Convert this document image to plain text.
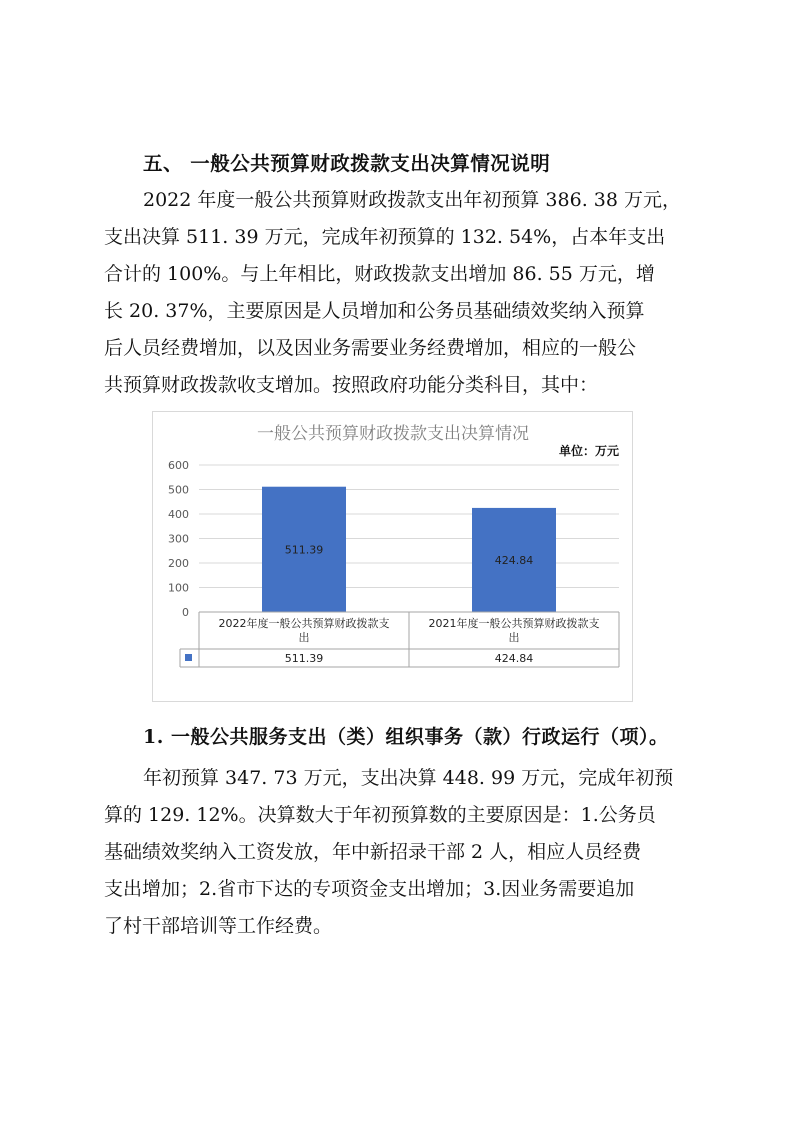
五、 一般公共预算财政拨款支出决算情况说明
2022 年度一般公共预算财政拨款支出年初预算 386. 38 万元，
支出决算 511. 39 万元，完成年初预算的 132. 54%，占本年支出
合计的 100%。与上年相比，财政拨款支出增加 86. 55 万元，增
长 20. 37%，主要原因是人员增加和公务员基础绩效奖纳入预算
后人员经费增加，以及因业务需要业务经费增加，相应的一般公
共预算财政拨款收支增加。按照政府功能分类科目，其中：
一般公共预算财政拨款支出决算情况
单位：万元
0
100
200
300
400
500
600
511.39
424.84
2022年度一般公共预算财政拨款支
出
511.39
2021年度一般公共预算财政拨款支
出
424.84
1. 一般公共服务支出（类）组织事务（款）行政运行（项）。
年初预算 347. 73 万元，支出决算 448. 99 万元，完成年初预
算的 129. 12%。决算数大于年初预算数的主要原因是：1.公务员
基础绩效奖纳入工资发放，年中新招录干部 2 人，相应人员经费
支出增加；2.省市下达的专项资金支出增加；3.因业务需要追加
了村干部培训等工作经费。
